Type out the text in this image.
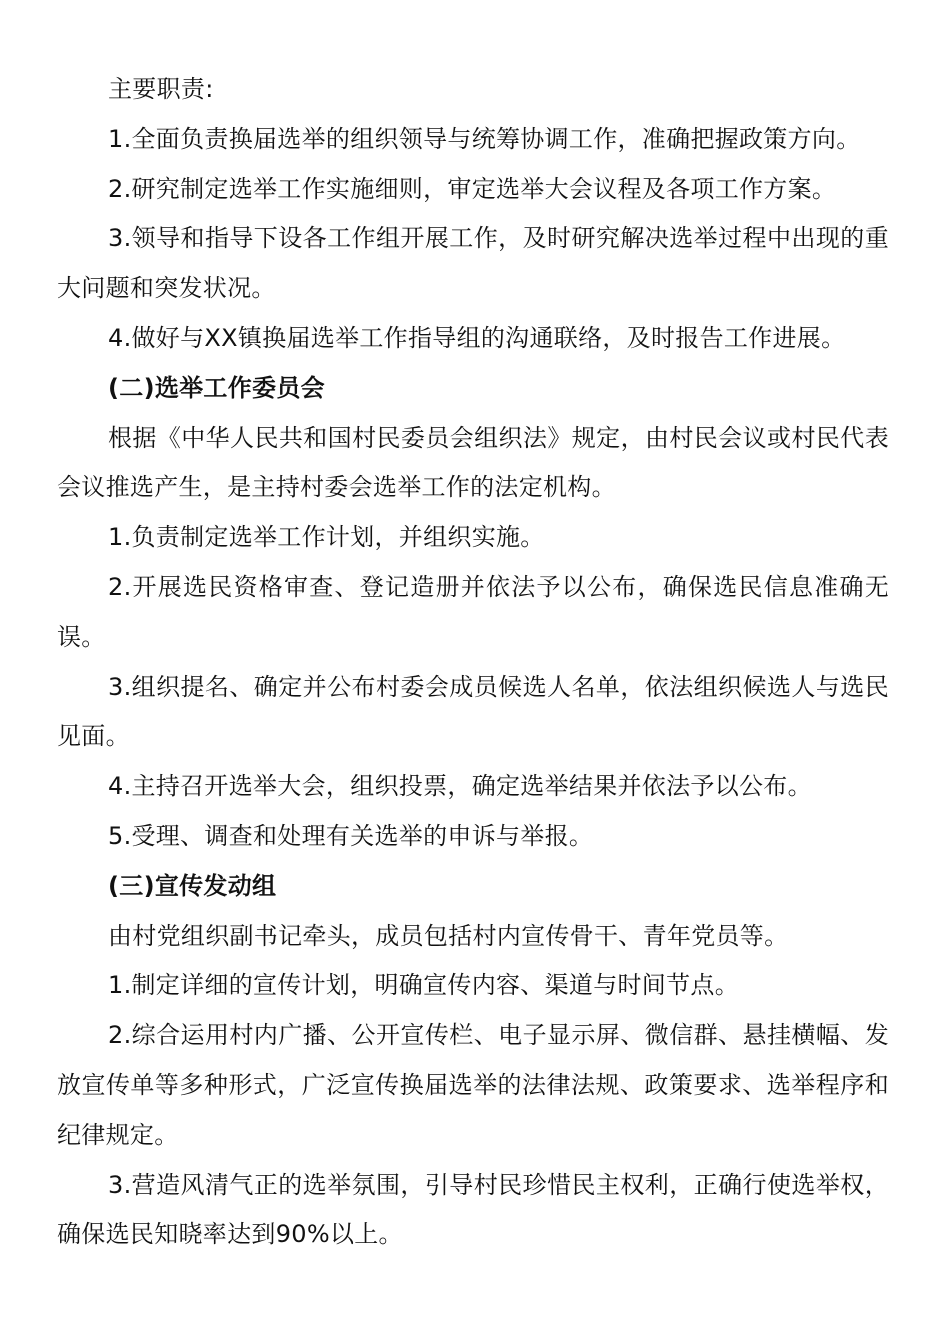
主要职责:

1.全面负责换届选举的组织领导与统筹协调工作，准确把握政策方向。

2.研究制定选举工作实施细则，审定选举大会议程及各项工作方案。

3.领导和指导下设各工作组开展工作，及时研究解决选举过程中出现的重大问题和突发状况。

4.做好与XX镇换届选举工作指导组的沟通联络，及时报告工作进展。

(二)选举工作委员会

根据《中华人民共和国村民委员会组织法》规定，由村民会议或村民代表会议推选产生，是主持村委会选举工作的法定机构。

1.负责制定选举工作计划，并组织实施。

2.开展选民资格审查、登记造册并依法予以公布，确保选民信息准确无误。

3.组织提名、确定并公布村委会成员候选人名单，依法组织候选人与选民见面。

4.主持召开选举大会，组织投票，确定选举结果并依法予以公布。

5.受理、调查和处理有关选举的申诉与举报。

(三)宣传发动组

由村党组织副书记牵头，成员包括村内宣传骨干、青年党员等。

1.制定详细的宣传计划，明确宣传内容、渠道与时间节点。

2.综合运用村内广播、公开宣传栏、电子显示屏、微信群、悬挂横幅、发放宣传单等多种形式，广泛宣传换届选举的法律法规、政策要求、选举程序和纪律规定。

3.营造风清气正的选举氛围，引导村民珍惜民主权利，正确行使选举权，确保选民知晓率达到90%以上。
